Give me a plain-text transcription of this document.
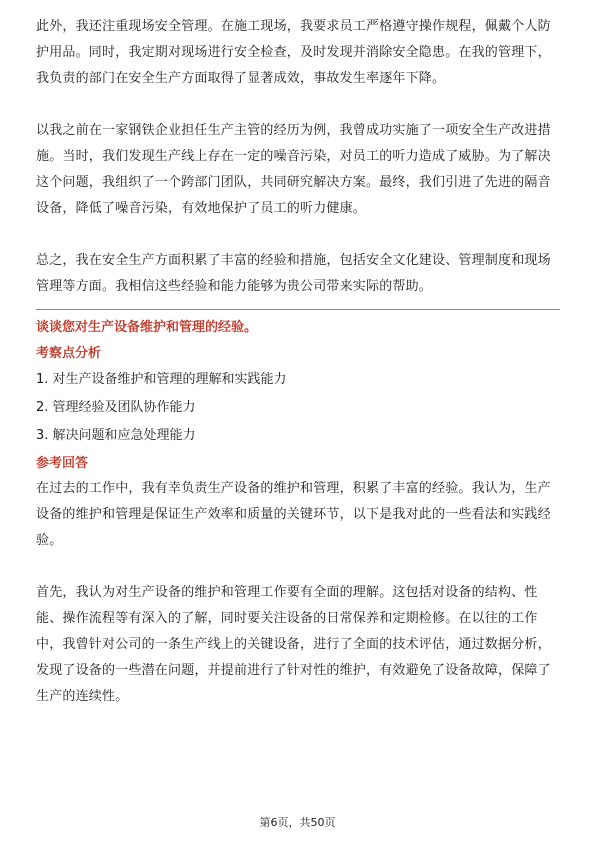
此外，我还注重现场安全管理。在施工现场，我要求员工严格遵守操作规程，佩戴个人防护用品。同时，我定期对现场进行安全检查，及时发现并消除安全隐患。在我的管理下，我负责的部门在安全生产方面取得了显著成效，事故发生率逐年下降。

以我之前在一家钢铁企业担任生产主管的经历为例，我曾成功实施了一项安全生产改进措施。当时，我们发现生产线上存在一定的噪音污染，对员工的听力造成了威胁。为了解决这个问题，我组织了一个跨部门团队，共同研究解决方案。最终，我们引进了先进的隔音设备，降低了噪音污染，有效地保护了员工的听力健康。

总之，我在安全生产方面积累了丰富的经验和措施，包括安全文化建设、管理制度和现场管理等方面。我相信这些经验和能力能够为贵公司带来实际的帮助。

谈谈您对生产设备维护和管理的经验。
考察点分析
1. 对生产设备维护和管理的理解和实践能力
2. 管理经验及团队协作能力
3. 解决问题和应急处理能力
参考回答

在过去的工作中，我有幸负责生产设备的维护和管理，积累了丰富的经验。我认为，生产设备的维护和管理是保证生产效率和质量的关键环节，以下是我对此的一些看法和实践经验。

首先，我认为对生产设备的维护和管理工作要有全面的理解。这包括对设备的结构、性能、操作流程等有深入的了解，同时要关注设备的日常保养和定期检修。在以往的工作中，我曾针对公司的一条生产线上的关键设备，进行了全面的技术评估，通过数据分析，发现了设备的一些潜在问题，并提前进行了针对性的维护，有效避免了设备故障，保障了生产的连续性。

第6页，共50页
